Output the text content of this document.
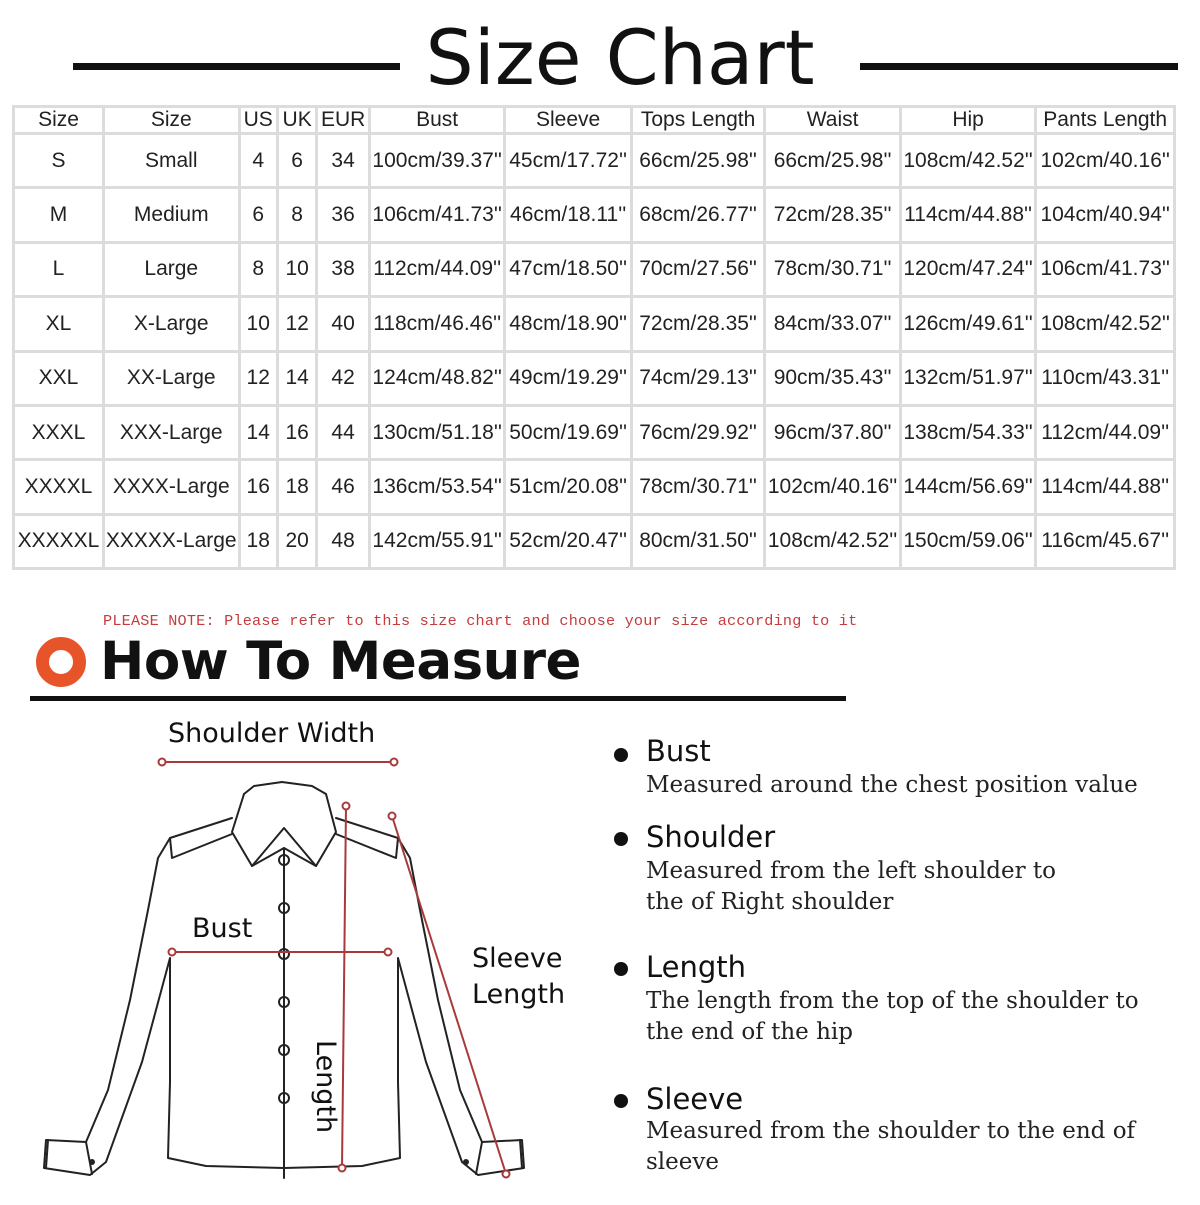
Size Chart
Size	Size	US	UK	EUR	Bust	Sleeve	Tops Length	Waist	Hip	Pants Length
S	Small	4	6	34	100cm/39.37''	45cm/17.72''	66cm/25.98''	66cm/25.98''	108cm/42.52''	102cm/40.16''
M	Medium	6	8	36	106cm/41.73''	46cm/18.11''	68cm/26.77''	72cm/28.35''	114cm/44.88''	104cm/40.94''
L	Large	8	10	38	112cm/44.09''	47cm/18.50''	70cm/27.56''	78cm/30.71''	120cm/47.24''	106cm/41.73''
XL	X-Large	10	12	40	118cm/46.46''	48cm/18.90''	72cm/28.35''	84cm/33.07''	126cm/49.61''	108cm/42.52''
XXL	XX-Large	12	14	42	124cm/48.82''	49cm/19.29''	74cm/29.13''	90cm/35.43''	132cm/51.97''	110cm/43.31''
XXXL	XXX-Large	14	16	44	130cm/51.18''	50cm/19.69''	76cm/29.92''	96cm/37.80''	138cm/54.33''	112cm/44.09''
XXXXL	XXXX-Large	16	18	46	136cm/53.54''	51cm/20.08''	78cm/30.71''	102cm/40.16''	144cm/56.69''	114cm/44.88''
XXXXXL	XXXXX-Large	18	20	48	142cm/55.91''	52cm/20.47''	80cm/31.50''	108cm/42.52''	150cm/59.06''	116cm/45.67''
PLEASE NOTE: Please refer to this size chart and choose your size according to it
How To Measure
Shoulder Width
Bust
Sleeve
Length
Length
Bust
Measured around the chest position value
Shoulder
Measured from the left shoulder to the of Right shoulder
Length
The length from the top of the shoulder to the end of the hip
Sleeve
Measured from the shoulder to the end of sleeve
